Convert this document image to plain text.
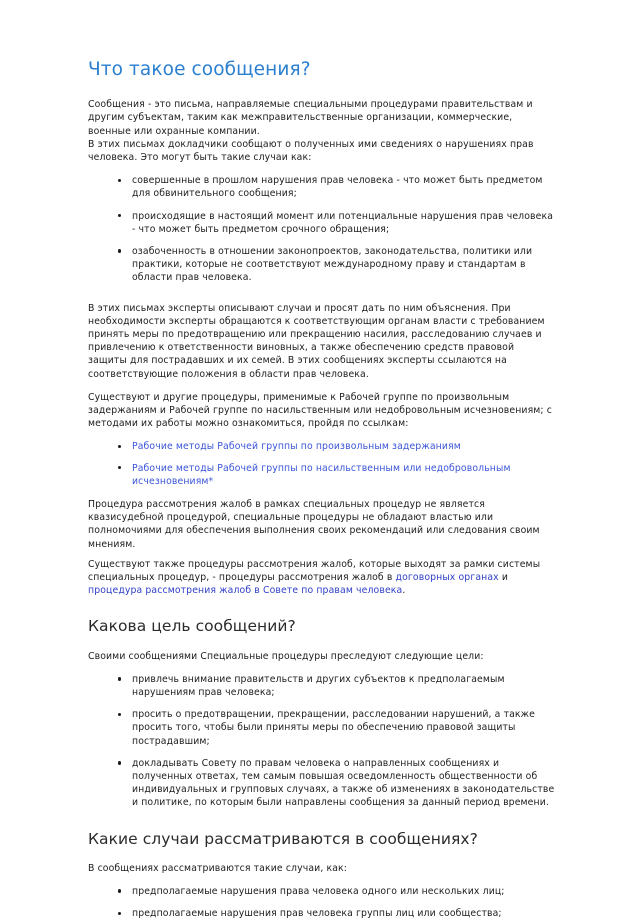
Что такое сообщения?

Сообщения - это письма, направляемые специальными процедурами правительствам и другим субъектам, таким как межправительственные организации, коммерческие, военные или охранные компании.

В этих письмах докладчики сообщают о полученных ими сведениях о нарушениях прав человека. Это могут быть такие случаи как:

совершенные в прошлом нарушения прав человека - что может быть предметом для обвинительного сообщения;
происходящие в настоящий момент или потенциальные нарушения прав человека - что может быть предметом срочного обращения;
озабоченность в отношении законопроектов, законодательства, политики или практики, которые не соответствуют международному праву и стандартам в области прав человека.

В этих письмах эксперты описывают случаи и просят дать по ним объяснения. При необходимости эксперты обращаются к соответствующим органам власти с требованием принять меры по предотвращению или прекращению насилия, расследованию случаев и привлечению к ответственности виновных, а также обеспечению средств правовой защиты для пострадавших и их семей. В этих сообщениях эксперты ссылаются на соответствующие положения в области прав человека.

Существуют и другие процедуры, применимые к Рабочей группе по произвольным задержаниям и Рабочей группе по насильственным или недобровольным исчезновениям; с методами их работы можно ознакомиться, пройдя по ссылкам:

Рабочие методы Рабочей группы по произвольным задержаниям
Рабочие методы Рабочей группы по насильственным или недобровольным исчезновениям*

Процедура рассмотрения жалоб в рамках специальных процедур не является квазисудебной процедурой, специальные процедуры не обладают властью или полномочиями для обеспечения выполнения своих рекомендаций или следования своим мнениям.

Существуют также процедуры рассмотрения жалоб, которые выходят за рамки системы специальных процедур, - процедуры рассмотрения жалоб в договорных органах и процедура рассмотрения жалоб в Совете по правам человека.

Какова цель сообщений?

Своими сообщениями Специальные процедуры преследуют следующие цели:

привлечь внимание правительств и других субъектов к предполагаемым нарушениям прав человека;
просить о предотвращении, прекращении, расследовании нарушений, а также просить того, чтобы были приняты меры по обеспечению правовой защиты пострадавшим;
докладывать Совету по правам человека о направленных сообщениях и полученных ответах, тем самым повышая осведомленность общественности об индивидуальных и групповых случаях, а также об изменениях в законодательстве и политике, по которым были направлены сообщения за данный период времени.
Какие случаи рассматриваются в сообщениях?

В сообщениях рассматриваются такие случаи, как:

предполагаемые нарушения права человека одного или нескольких лиц;
предполагаемые нарушения прав человека группы лиц или сообщества;
